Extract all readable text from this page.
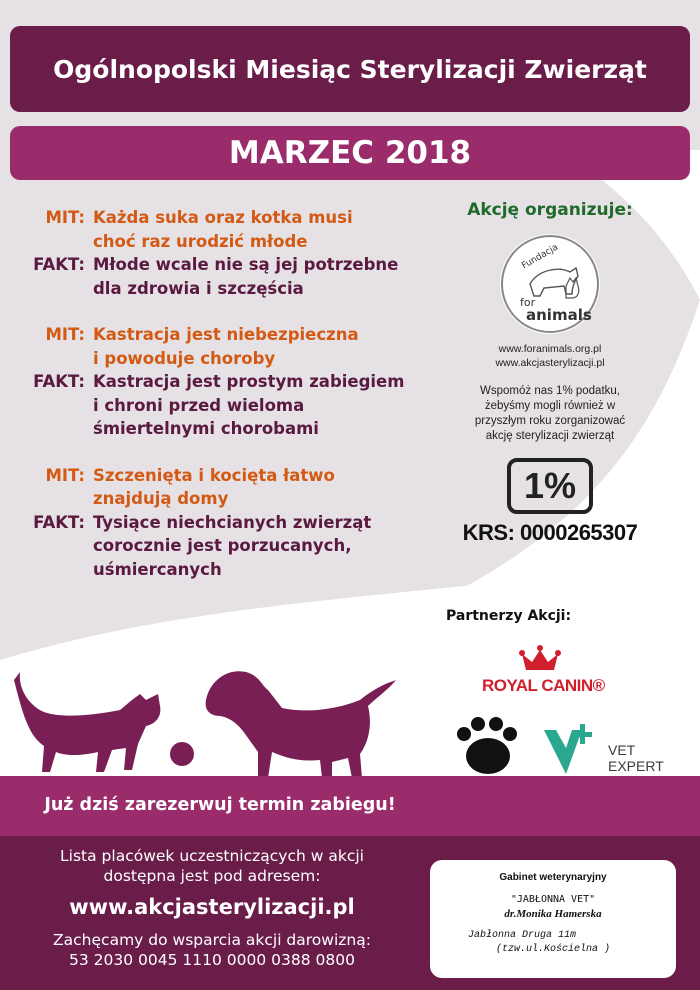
Ogólnopolski Miesiąc Sterylizacji Zwierząt
MARZEC 2018
MIT: Każda suka oraz kotka musi
choć raz urodzić młode
FAKT: Młode wcale nie są jej potrzebne
dla zdrowia i szczęścia
MIT: Kastracja jest niebezpieczna
i powoduje choroby
FAKT: Kastracja jest prostym zabiegiem
i chroni przed wieloma
śmiertelnymi chorobami
MIT: Szczenięta i kocięta łatwo
znajdują domy
FAKT: Tysiące niechcianych zwierząt
corocznie jest porzucanych,
uśmiercanych
Akcję organizuje:
Fundacja
for
animals
www.foranimals.org.pl
www.akcjasterylizacji.pl
Wspomóż nas 1% podatku,
żebyśmy mogli również w
przyszłym roku zorganizować
akcję sterylizacji zwierząt
1%
KRS: 0000265307
Partnerzy Akcji:
KUNA
ROYAL CANIN®
VET
EXPERT
Już dziś zarezerwuj termin zabiegu!
Lista placówek uczestniczących w akcji
dostępna jest pod adresem:
www.akcjasterylizacji.pl
Zachęcamy do wsparcia akcji darowizną:
53 2030 0045 1110 0000 0388 0800
Gabinet weterynaryjny
"JABŁONNA VET"
dr.Monika Hamerska
Jabłonna Druga 11m
(tzw.ul.Kościelna )
